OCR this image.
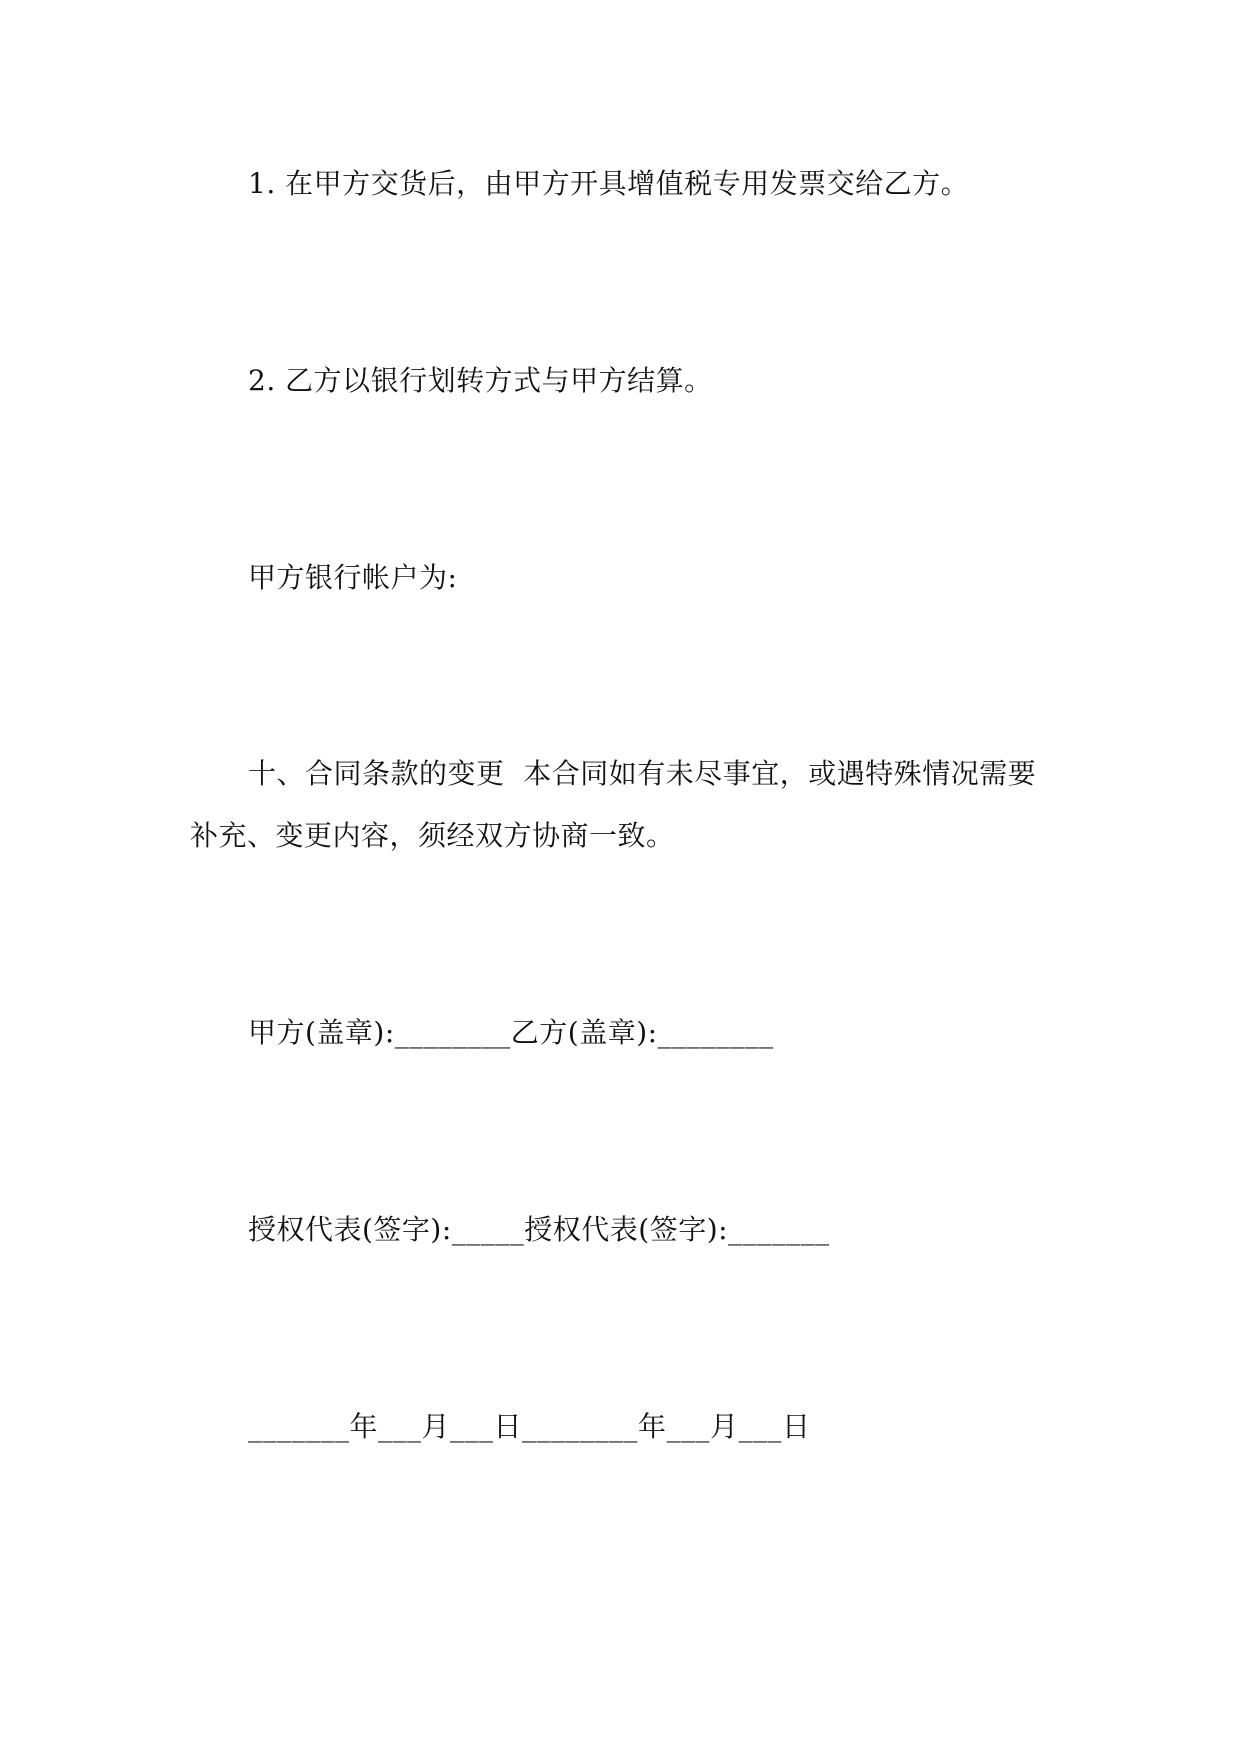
1. 在甲方交货后，由甲方开具增值税专用发票交给乙方。
2. 乙方以银行划转方式与甲方结算。
甲方银行帐户为:
十、合同条款的变更  本合同如有未尽事宜，或遇特殊情况需要
补充、变更内容，须经双方协商一致。
甲方(盖章):________乙方(盖章):________
授权代表(签字):_____授权代表(签字):_______
_______年___月___日________年___月___日
